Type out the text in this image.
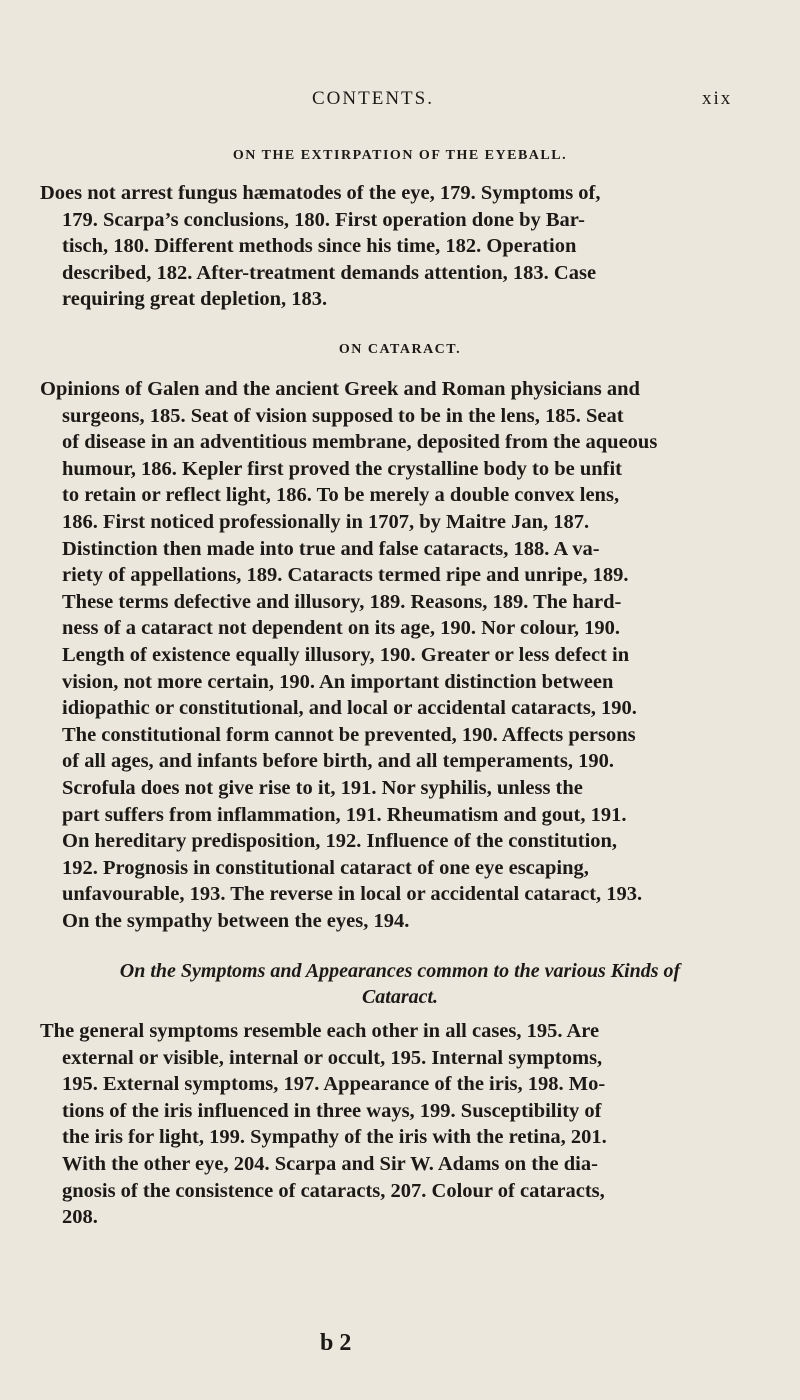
CONTENTS.	xix
ON THE EXTIRPATION OF THE EYEBALL.
Does not arrest fungus hæmatodes of the eye, 179. Symptoms of,
179. Scarpa’s conclusions, 180. First operation done by Bar-
tisch, 180. Different methods since his time, 182. Operation
described, 182. After-treatment demands attention, 183. Case
requiring great depletion, 183.
ON CATARACT.
Opinions of Galen and the ancient Greek and Roman physicians and
surgeons, 185. Seat of vision supposed to be in the lens, 185. Seat
of disease in an adventitious membrane, deposited from the aqueous
humour, 186. Kepler first proved the crystalline body to be unfit
to retain or reflect light, 186. To be merely a double convex lens,
186. First noticed professionally in 1707, by Maitre Jan, 187.
Distinction then made into true and false cataracts, 188. A va-
riety of appellations, 189. Cataracts termed ripe and unripe, 189.
These terms defective and illusory, 189. Reasons, 189. The hard-
ness of a cataract not dependent on its age, 190. Nor colour, 190.
Length of existence equally illusory, 190. Greater or less defect in
vision, not more certain, 190. An important distinction between
idiopathic or constitutional, and local or accidental cataracts, 190.
The constitutional form cannot be prevented, 190. Affects persons
of all ages, and infants before birth, and all temperaments, 190.
Scrofula does not give rise to it, 191. Nor syphilis, unless the
part suffers from inflammation, 191. Rheumatism and gout, 191.
On hereditary predisposition, 192. Influence of the constitution,
192. Prognosis in constitutional cataract of one eye escaping,
unfavourable, 193. The reverse in local or accidental cataract, 193.
On the sympathy between the eyes, 194.
On the Symptoms and Appearances common to the various Kinds of
Cataract.
The general symptoms resemble each other in all cases, 195. Are
external or visible, internal or occult, 195. Internal symptoms,
195. External symptoms, 197. Appearance of the iris, 198. Mo-
tions of the iris influenced in three ways, 199. Susceptibility of
the iris for light, 199. Sympathy of the iris with the retina, 201.
With the other eye, 204. Scarpa and Sir W. Adams on the dia-
gnosis of the consistence of cataracts, 207. Colour of cataracts,
208.
b 2
